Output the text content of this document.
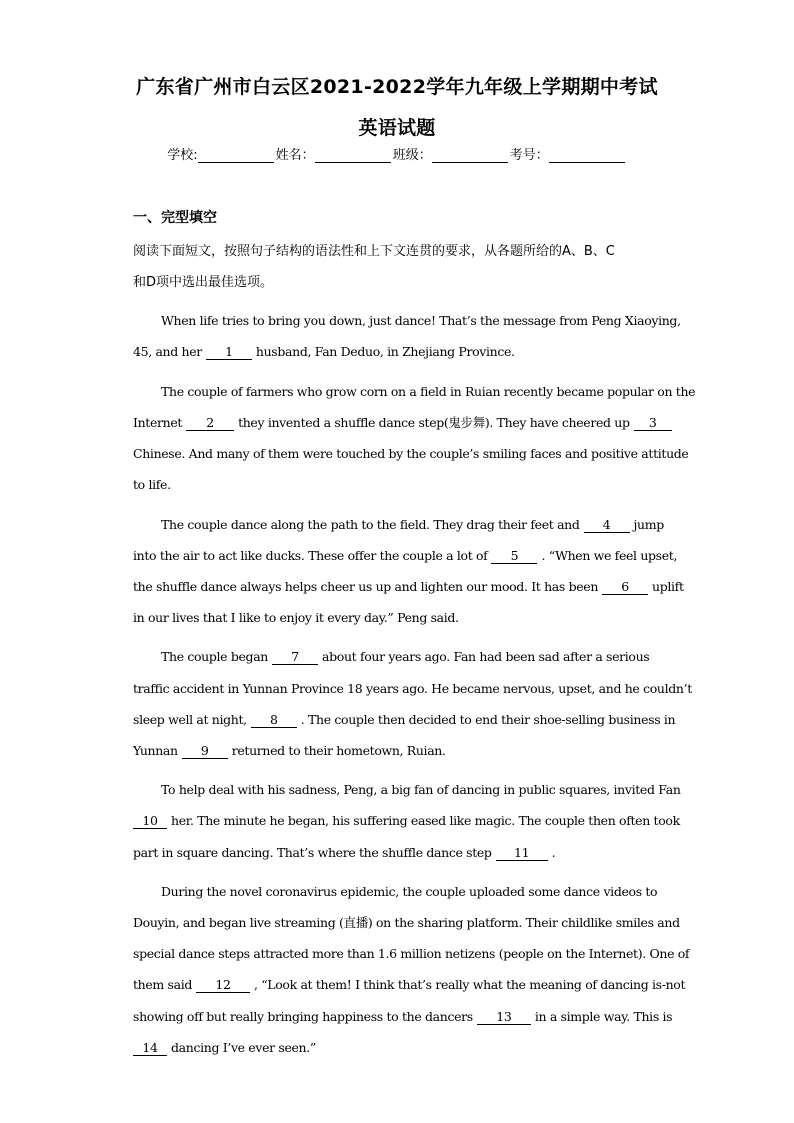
广东省广州市白云区2021-2022学年九年级上学期期中考试
英语试题
学校:	姓名：	班级：	考号：
一、完型填空
阅读下面短文，按照句子结构的语法性和上下文连贯的要求，从各题所给的A、B、C
和D项中选出最佳选项。
When life tries to bring you down, just dance! That’s the message from Peng Xiaoying,
45, and her 1 husband, Fan Deduo, in Zhejiang Province.
The couple of farmers who grow corn on a field in Ruian recently became popular on the
Internet 2 they invented a shuffle dance step(鬼步舞). They have cheered up 3
Chinese. And many of them were touched by the couple’s smiling faces and positive attitude
to life.
The couple dance along the path to the field. They drag their feet and 4 jump
into the air to act like ducks. These offer the couple a lot of 5 . “When we feel upset,
the shuffle dance always helps cheer us up and lighten our mood. It has been 6 uplift
in our lives that I like to enjoy it every day.” Peng said.
The couple began 7 about four years ago. Fan had been sad after a serious
traffic accident in Yunnan Province 18 years ago. He became nervous, upset, and he couldn’t
sleep well at night, 8 . The couple then decided to end their shoe-selling business in
Yunnan 9 returned to their hometown, Ruian.
To help deal with his sadness, Peng, a big fan of dancing in public squares, invited Fan
10 her. The minute he began, his suffering eased like magic. The couple then often took
part in square dancing. That’s where the shuffle dance step 11 .
During the novel coronavirus epidemic, the couple uploaded some dance videos to
Douyin, and began live streaming (直播) on the sharing platform. Their childlike smiles and
special dance steps attracted more than 1.6 million netizens (people on the Internet). One of
them said 12 , “Look at them! I think that’s really what the meaning of dancing is-not
showing off but really bringing happiness to the dancers 13 in a simple way. This is
14 dancing I’ve ever seen.”
